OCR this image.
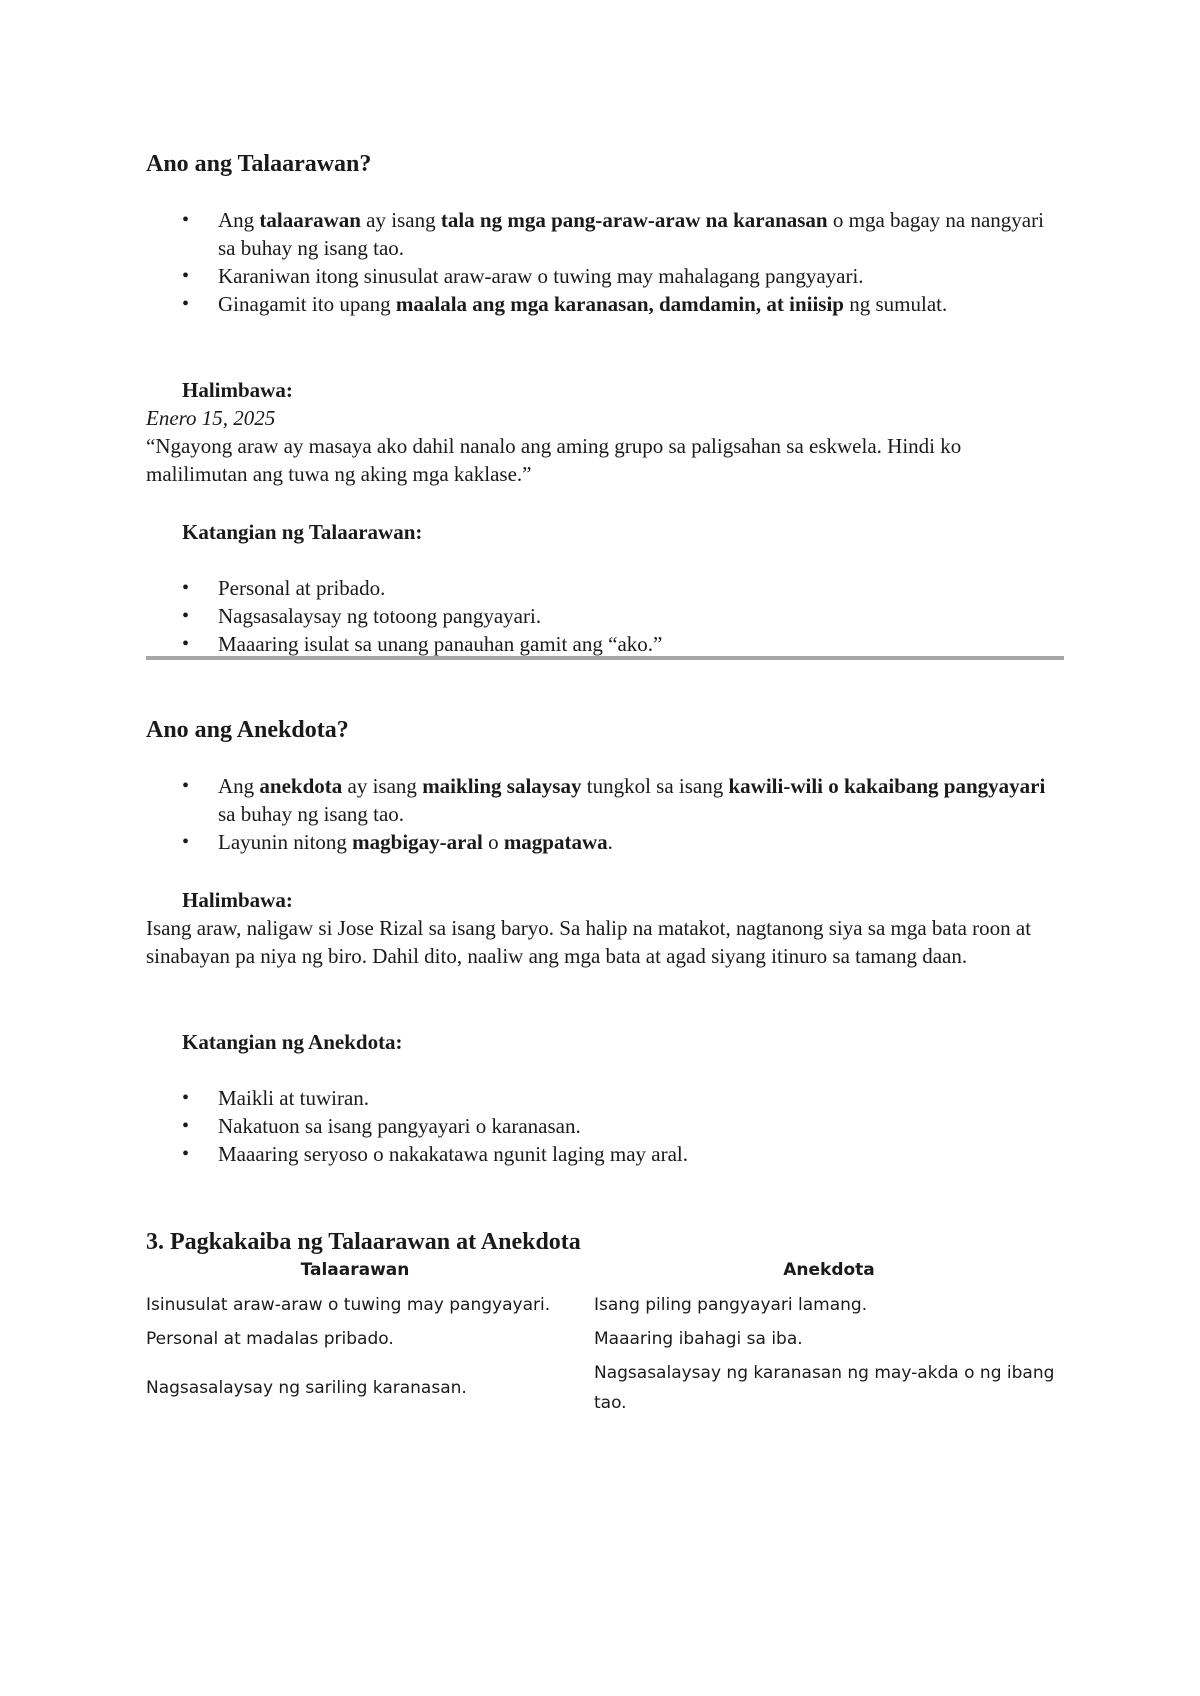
Ano ang Talaarawan?
• Ang talaarawan ay isang tala ng mga pang-araw-araw na karanasan o mga bagay na nangyari sa buhay ng isang tao.
• Karaniwan itong sinusulat araw-araw o tuwing may mahalagang pangyayari.
• Ginagamit ito upang maalala ang mga karanasan, damdamin, at iniisip ng sumulat.
Halimbawa:
Enero 15, 2025
“Ngayong araw ay masaya ako dahil nanalo ang aming grupo sa paligsahan sa eskwela. Hindi ko malilimutan ang tuwa ng aking mga kaklase.”
Katangian ng Talaarawan:
• Personal at pribado.
• Nagsasalaysay ng totoong pangyayari.
• Maaaring isulat sa unang panauhan gamit ang “ako.”
Ano ang Anekdota?
• Ang anekdota ay isang maikling salaysay tungkol sa isang kawili-wili o kakaibang pangyayari sa buhay ng isang tao.
• Layunin nitong magbigay-aral o magpatawa.
Halimbawa:
Isang araw, naligaw si Jose Rizal sa isang baryo. Sa halip na matakot, nagtanong siya sa mga bata roon at sinabayan pa niya ng biro. Dahil dito, naaliw ang mga bata at agad siyang itinuro sa tamang daan.
Katangian ng Anekdota:
• Maikli at tuwiran.
• Nakatuon sa isang pangyayari o karanasan.
• Maaaring seryoso o nakakatawa ngunit laging may aral.
3. Pagkakaiba ng Talaarawan at Anekdota
Talaarawan	Anekdota
Isinusulat araw-araw o tuwing may pangyayari.	Isang piling pangyayari lamang.
Personal at madalas pribado.	Maaaring ibahagi sa iba.
Nagsasalaysay ng sariling karanasan.	Nagsasalaysay ng karanasan ng may-akda o ng ibang tao.
